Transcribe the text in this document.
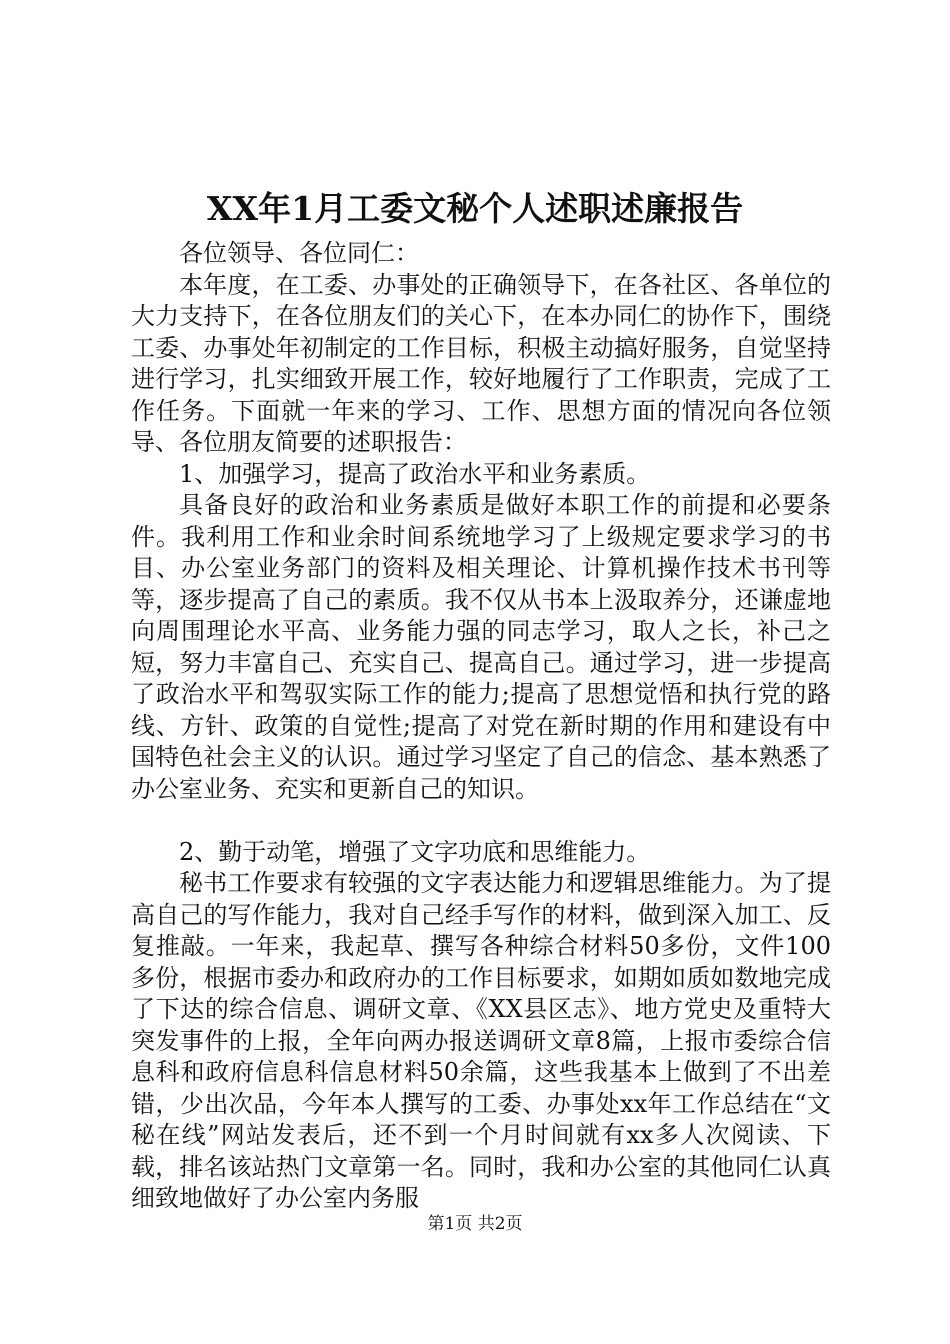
XX年1月工委文秘个人述职述廉报告

各位领导、各位同仁：

本年度，在工委、办事处的正确领导下，在各社区、各单位的大力支持下，在各位朋友们的关心下，在本办同仁的协作下，围绕工委、办事处年初制定的工作目标，积极主动搞好服务，自觉坚持进行学习，扎实细致开展工作，较好地履行了工作职责，完成了工作任务。下面就一年来的学习、工作、思想方面的情况向各位领导、各位朋友简要的述职报告：

1、加强学习，提高了政治水平和业务素质。

具备良好的政治和业务素质是做好本职工作的前提和必要条件。我利用工作和业余时间系统地学习了上级规定要求学习的书目、办公室业务部门的资料及相关理论、计算机操作技术书刊等等，逐步提高了自己的素质。我不仅从书本上汲取养分，还谦虚地向周围理论水平高、业务能力强的同志学习，取人之长，补己之短，努力丰富自己、充实自己、提高自己。通过学习，进一步提高了政治水平和驾驭实际工作的能力;提高了思想觉悟和执行党的路线、方针、政策的自觉性;提高了对党在新时期的作用和建设有中国特色社会主义的认识。通过学习坚定了自己的信念、基本熟悉了办公室业务、充实和更新自己的知识。

2、勤于动笔，增强了文字功底和思维能力。

秘书工作要求有较强的文字表达能力和逻辑思维能力。为了提高自己的写作能力，我对自己经手写作的材料，做到深入加工、反复推敲。一年来，我起草、撰写各种综合材料50多份，文件100多份，根据市委办和政府办的工作目标要求，如期如质如数地完成了下达的综合信息、调研文章、《XX县区志》、地方党史及重特大突发事件的上报，全年向两办报送调研文章8篇，上报市委综合信息科和政府信息科信息材料50余篇，这些我基本上做到了不出差错，少出次品，今年本人撰写的工委、办事处xx年工作总结在“文秘在线”网站发表后，还不到一个月时间就有xx多人次阅读、下载，排名该站热门文章第一名。同时，我和办公室的其他同仁认真细致地做好了办公室内务服

第1页 共2页
